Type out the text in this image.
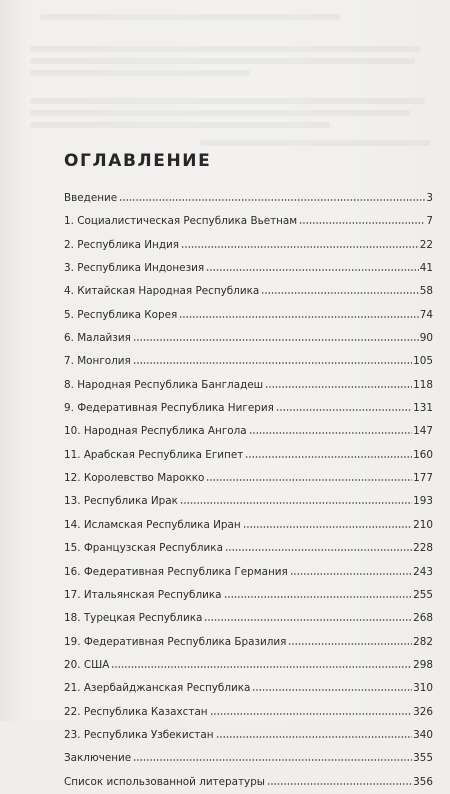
ОГЛАВЛЕНИЕ
Введение	3
1. Социалистическая Республика Вьетнам	7
2. Республика Индия	22
3. Республика Индонезия	41
4. Китайская Народная Республика	58
5. Республика Корея	74
6. Малайзия	90
7. Монголия	105
8. Народная Республика Бангладеш	118
9. Федеративная Республика Нигерия	131
10. Народная Республика Ангола	147
11. Арабская Республика Египет	160
12. Королевство Марокко	177
13. Республика Ирак	193
14. Исламская Республика Иран	210
15. Французская Республика	228
16. Федеративная Республика Германия	243
17. Итальянская Республика	255
18. Турецкая Республика	268
19. Федеративная Республика Бразилия	282
20. США	298
21. Азербайджанская Республика	310
22. Республика Казахстан	326
23. Республика Узбекистан	340
Заключение	355
Список использованной литературы	356
